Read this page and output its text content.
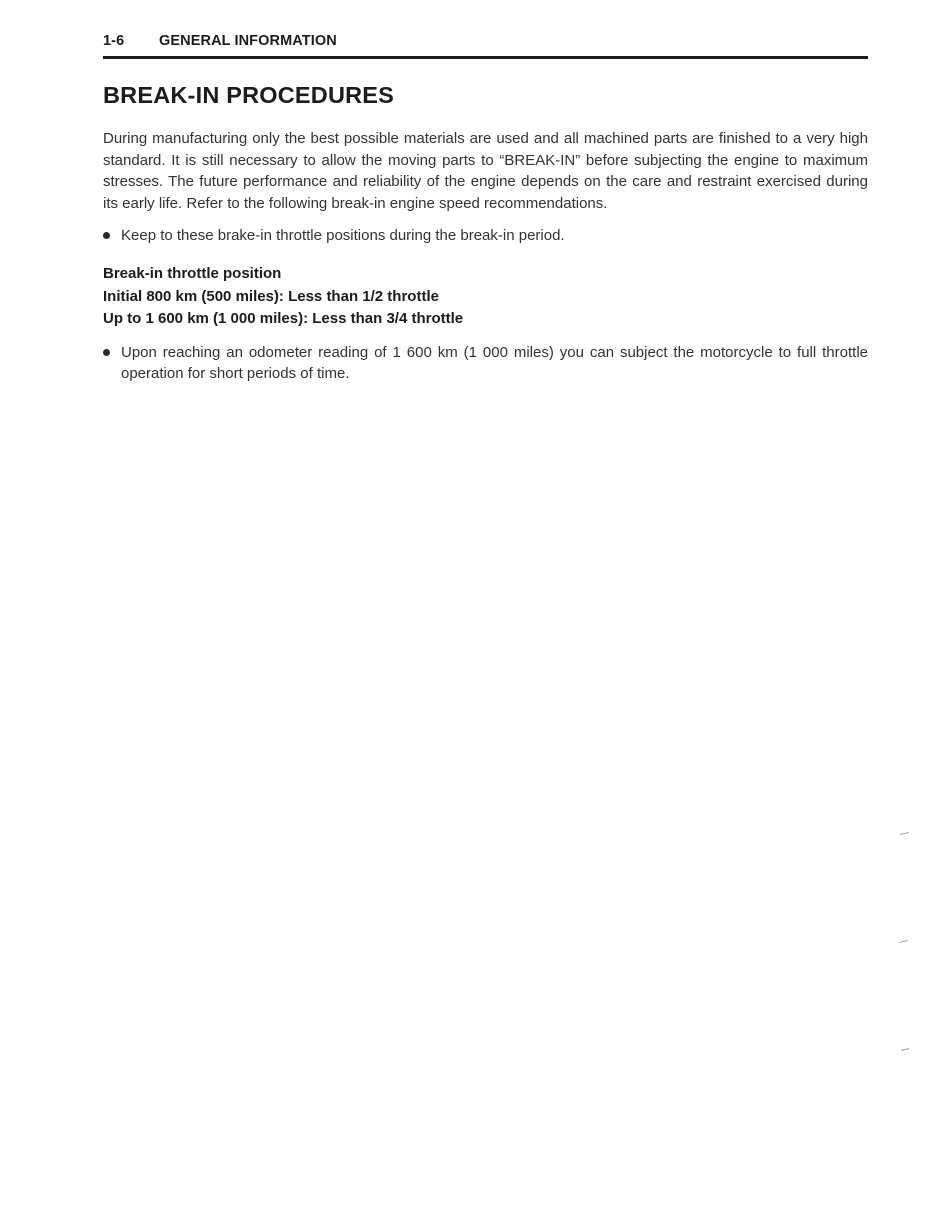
1-6 GENERAL INFORMATION
BREAK-IN PROCEDURES

During manufacturing only the best possible materials are used and all machined parts are finished to a very high standard. It is still necessary to allow the moving parts to “BREAK-IN” before subjecting the engine to maximum stresses. The future performance and reliability of the engine depends on the care and restraint exercised during its early life. Refer to the following break-in engine speed recommendations.

Keep to these brake-in throttle positions during the break-in period.
Break-in throttle position
Initial 800 km (500 miles): Less than 1/2 throttle
Up to 1 600 km (1 000 miles): Less than 3/4 throttle
Upon reaching an odometer reading of 1 600 km (1 000 miles) you can subject the motorcycle to full throttle operation for short periods of time.
